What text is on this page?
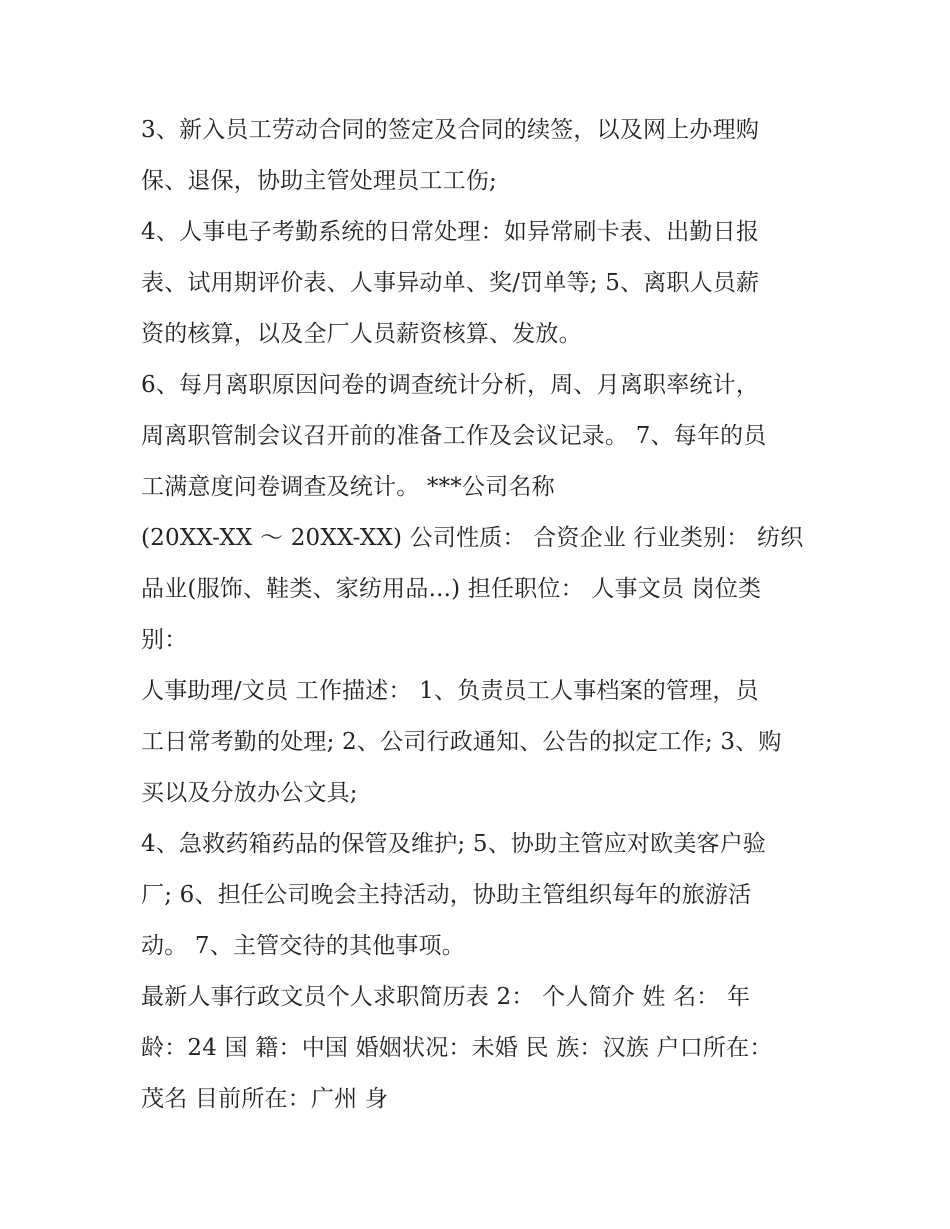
3、新入员工劳动合同的签定及合同的续签，以及网上办理购
保、退保，协助主管处理员工工伤;
4、人事电子考勤系统的日常处理：如异常刷卡表、出勤日报
表、试用期评价表、人事异动单、奖/罚单等; 5、离职人员薪
资的核算，以及全厂人员薪资核算、发放。
6、每月离职原因问卷的调查统计分析，周、月离职率统计，
周离职管制会议召开前的准备工作及会议记录。 7、每年的员
工满意度问卷调查及统计。 ***公司名称
(20XX-XX ～ 20XX-XX) 公司性质： 合资企业 行业类别： 纺织
品业(服饰、鞋类、家纺用品...) 担任职位： 人事文员 岗位类
别：
人事助理/文员 工作描述： 1、负责员工人事档案的管理，员
工日常考勤的处理; 2、公司行政通知、公告的拟定工作; 3、购
买以及分放办公文具;
4、急救药箱药品的保管及维护; 5、协助主管应对欧美客户验
厂; 6、担任公司晚会主持活动，协助主管组织每年的旅游活
动。 7、主管交待的其他事项。
最新人事行政文员个人求职简历表 2： 个人简介 姓 名： 年
龄：24 国 籍：中国 婚姻状况：未婚 民 族：汉族 户口所在：
茂名 目前所在：广州 身
